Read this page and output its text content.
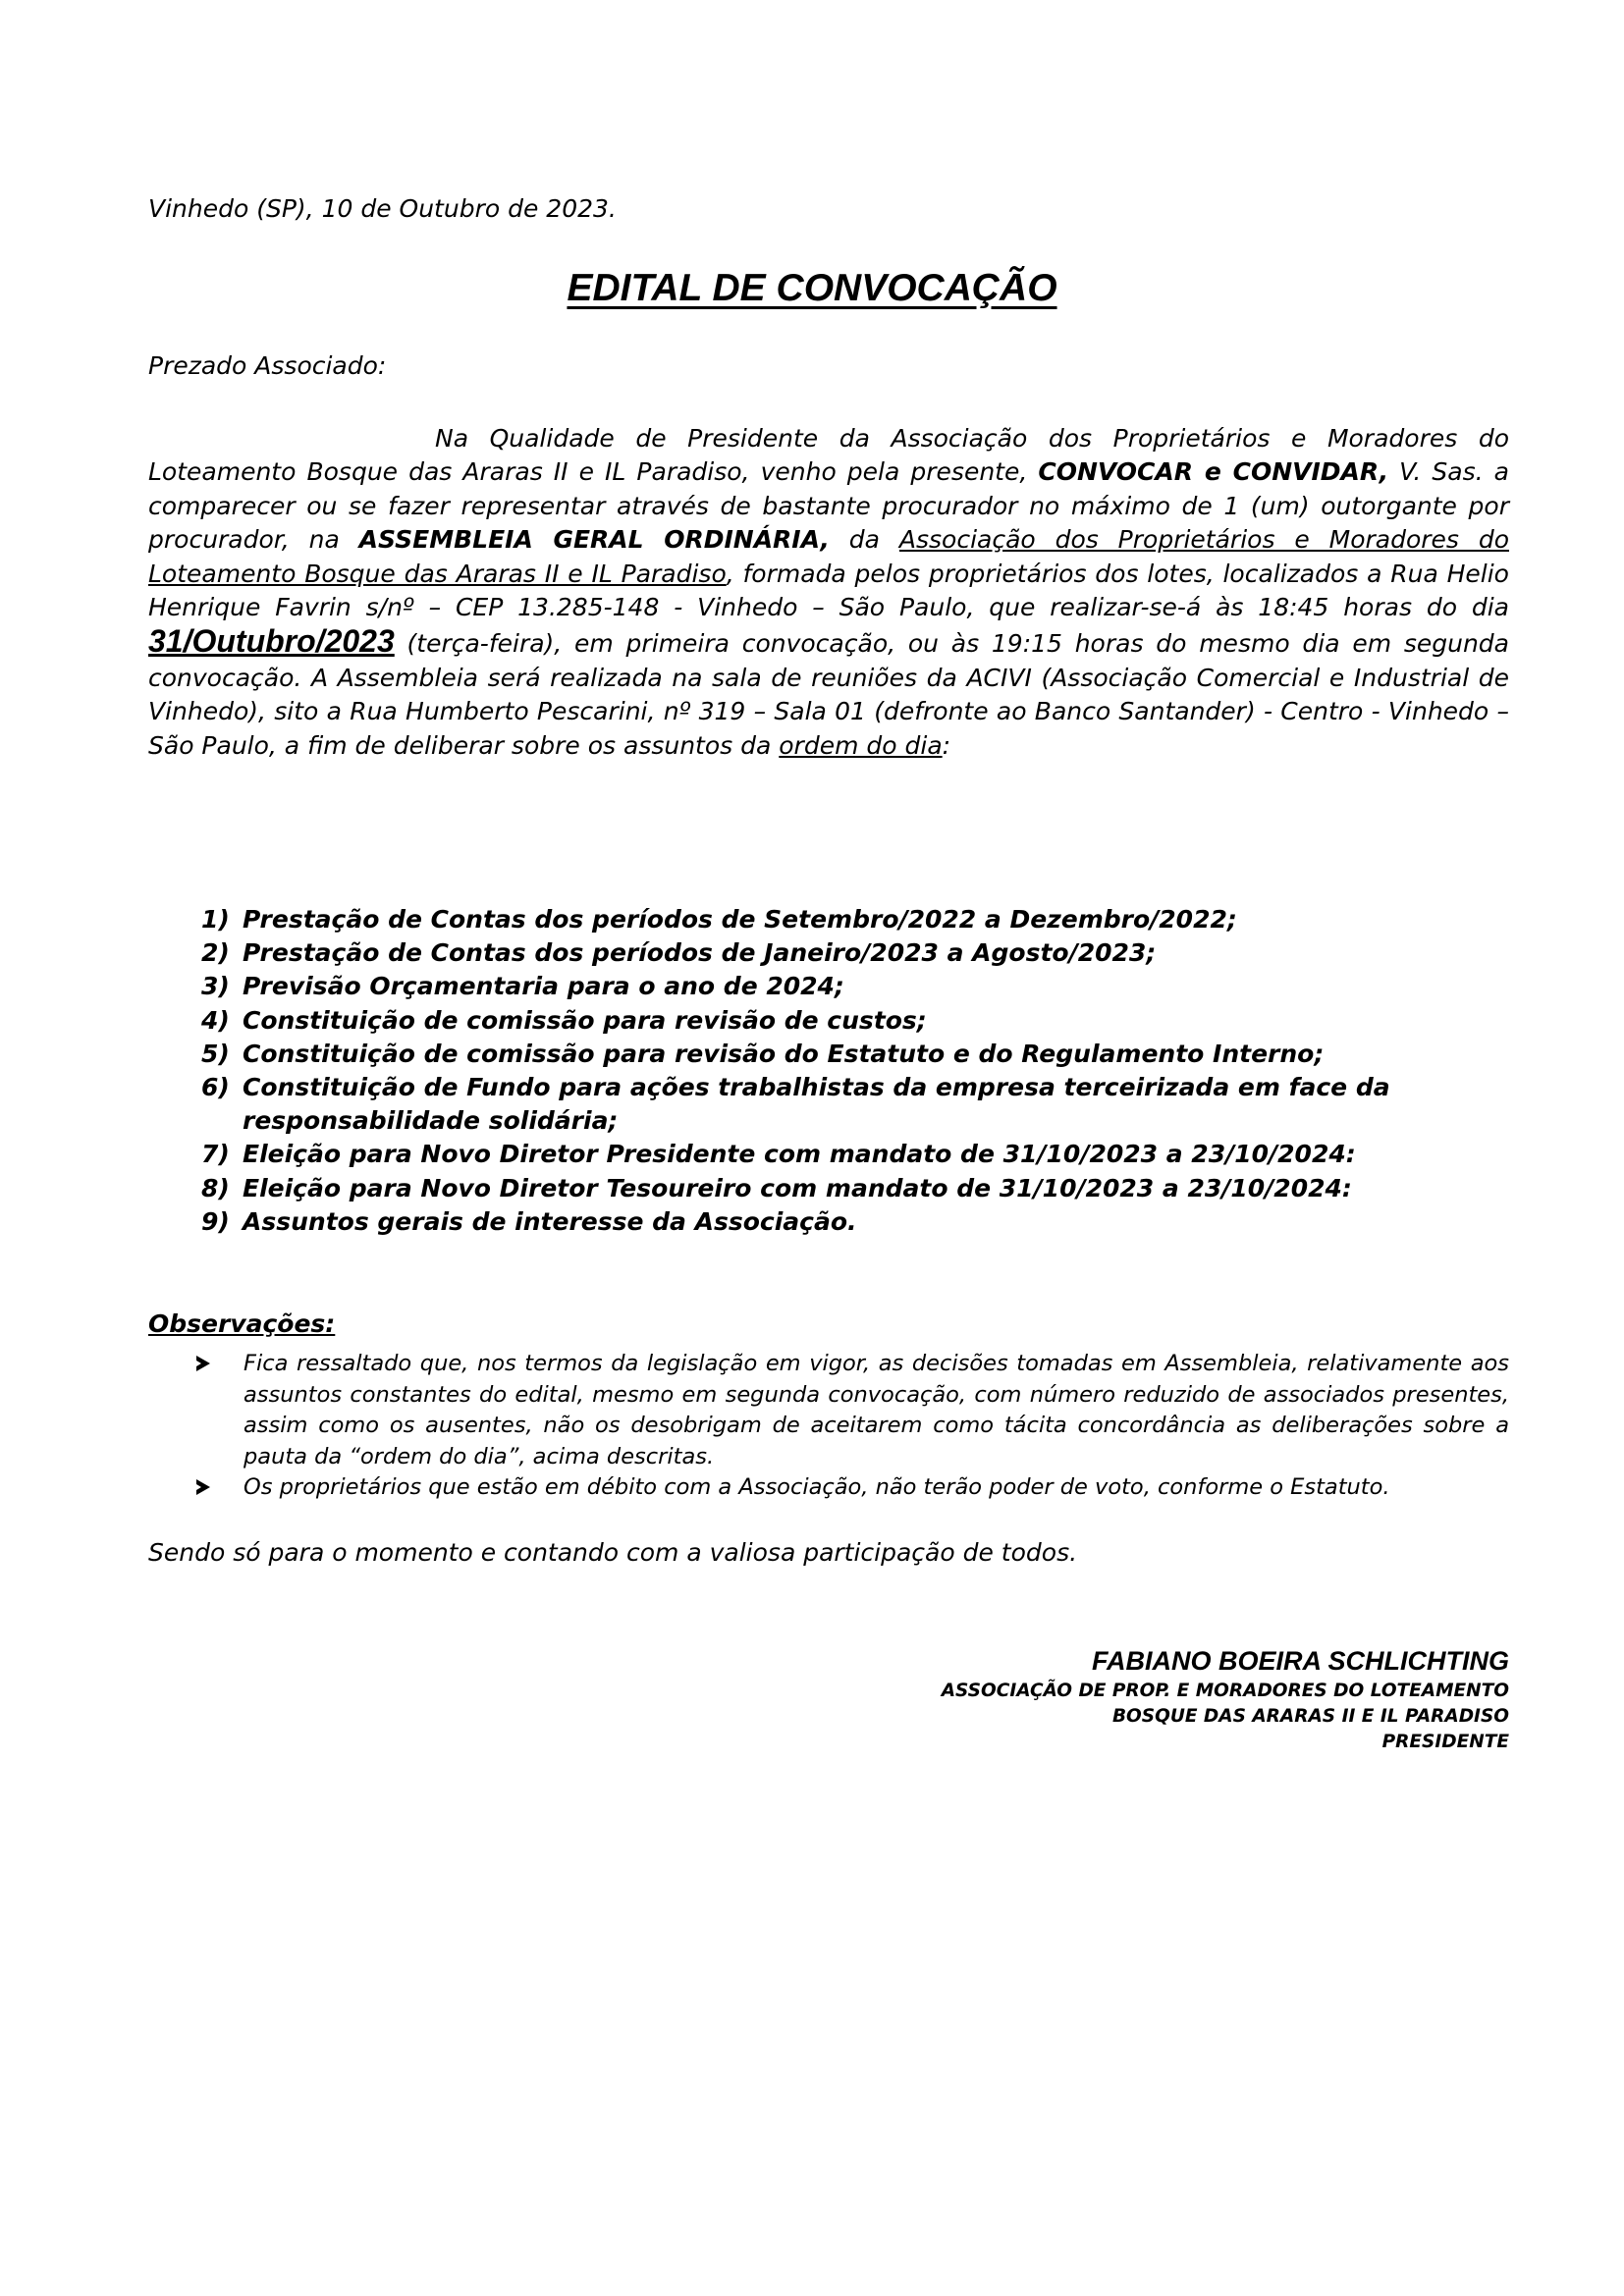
Vinhedo (SP), 10 de Outubro de 2023.
EDITAL DE CONVOCAÇÃO
Prezado Associado:
Na Qualidade de Presidente da Associação dos Proprietários e Moradores do Loteamento Bosque das Araras II e IL Paradiso, venho pela presente, CONVOCAR e CONVIDAR, V. Sas. a comparecer ou se fazer representar através de bastante procurador no máximo de 1 (um) outorgante por procurador, na ASSEMBLEIA GERAL ORDINÁRIA, da Associação dos Proprietários e Moradores do Loteamento Bosque das Araras II e IL Paradiso, formada pelos proprietários dos lotes, localizados a Rua Helio Henrique Favrin s/nº – CEP 13.285-148 - Vinhedo – São Paulo, que realizar-se-á às 18:45 horas do dia 31/Outubro/2023 (terça-feira), em primeira convocação, ou às 19:15 horas do mesmo dia em segunda convocação. A Assembleia será realizada na sala de reuniões da ACIVI (Associação Comercial e Industrial de Vinhedo), sito a Rua Humberto Pescarini, nº 319 – Sala 01 (defronte ao Banco Santander) - Centro - Vinhedo – São Paulo, a fim de deliberar sobre os assuntos da ordem do dia:
1) Prestação de Contas dos períodos de Setembro/2022 a Dezembro/2022;
2) Prestação de Contas dos períodos de Janeiro/2023 a Agosto/2023;
3) Previsão Orçamentaria para o ano de 2024;
4) Constituição de comissão para revisão de custos;
5) Constituição de comissão para revisão do Estatuto e do Regulamento Interno;
6) Constituição de Fundo para ações trabalhistas da empresa terceirizada em face da responsabilidade solidária;
7) Eleição para Novo Diretor Presidente com mandato de 31/10/2023 a 23/10/2024:
8) Eleição para Novo Diretor Tesoureiro com mandato de 31/10/2023 a 23/10/2024:
9) Assuntos gerais de interesse da Associação.
Observações:
Fica ressaltado que, nos termos da legislação em vigor, as decisões tomadas em Assembleia, relativamente aos assuntos constantes do edital, mesmo em segunda convocação, com número reduzido de associados presentes, assim como os ausentes, não os desobrigam de aceitarem como tácita concordância as deliberações sobre a pauta da “ordem do dia”, acima descritas.
Os proprietários que estão em débito com a Associação, não terão poder de voto, conforme o Estatuto.
Sendo só para o momento e contando com a valiosa participação de todos.
FABIANO BOEIRA SCHLICHTING
ASSOCIAÇÃO DE PROP. E MORADORES DO LOTEAMENTO
BOSQUE DAS ARARAS II E IL PARADISO
PRESIDENTE
